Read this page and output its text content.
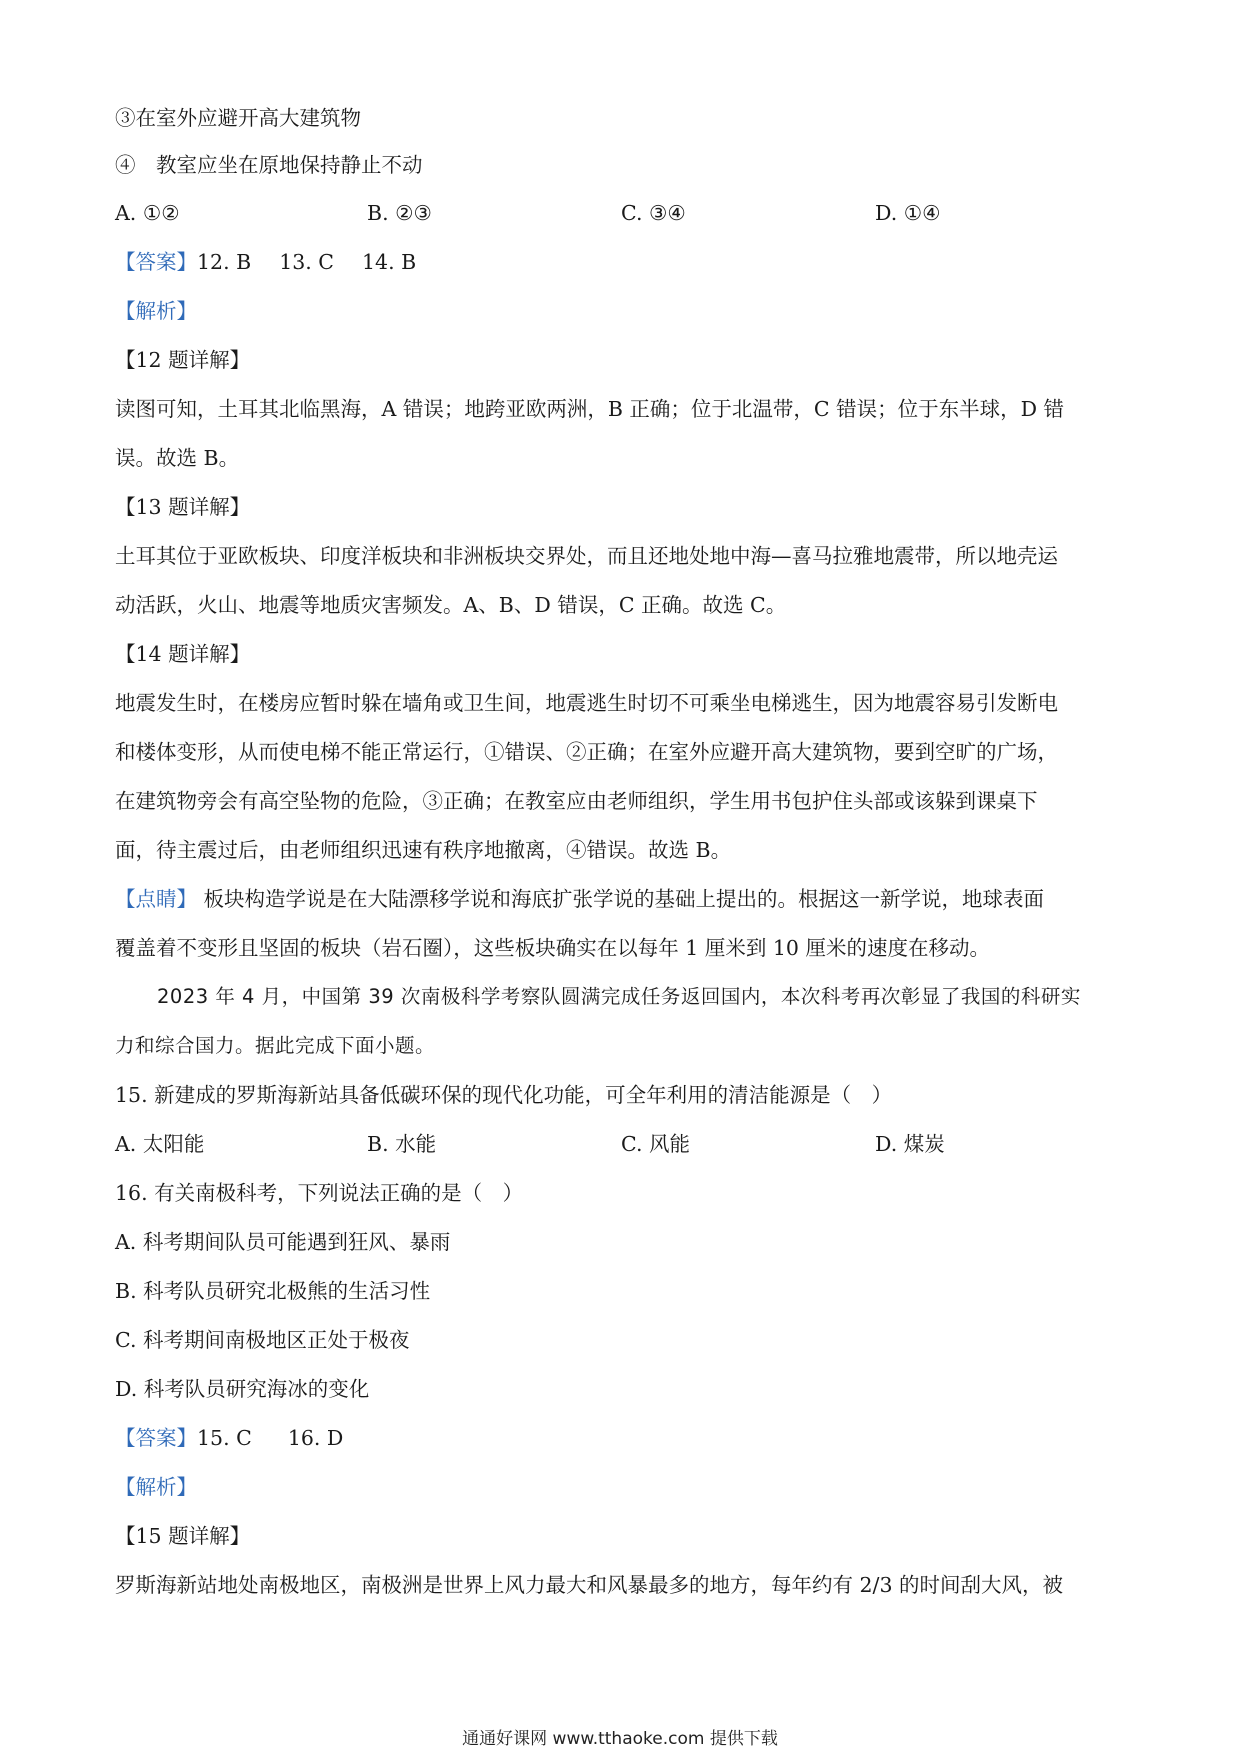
③在室外应避开高大建筑物

④　教室应坐在原地保持静止不动

A. ①②	B. ②③	C. ③④	D. ①④
【答案】12. B 13. C 14. B

【解析】

【12 题详解】

读图可知，土耳其北临黑海，A 错误；地跨亚欧两洲，B 正确；位于北温带，C 错误；位于东半球，D 错

误。故选 B。

【13 题详解】

土耳其位于亚欧板块、印度洋板块和非洲板块交界处，而且还地处地中海—喜马拉雅地震带，所以地壳运

动活跃，火山、地震等地质灾害频发。A、B、D 错误，C 正确。故选 C。

【14 题详解】

地震发生时，在楼房应暂时躲在墙角或卫生间，地震逃生时切不可乘坐电梯逃生，因为地震容易引发断电

和楼体变形，从而使电梯不能正常运行，①错误、②正确；在室外应避开高大建筑物，要到空旷的广场，

在建筑物旁会有高空坠物的危险，③正确；在教室应由老师组织，学生用书包护住头部或该躲到课桌下

面，待主震过后，由老师组织迅速有秩序地撤离，④错误。故选 B。

【点睛】 板块构造学说是在大陆漂移学说和海底扩张学说的基础上提出的。根据这一新学说，地球表面

覆盖着不变形且坚固的板块（岩石圈），这些板块确实在以每年 1 厘米到 10 厘米的速度在移动。

2023 年 4 月，中国第 39 次南极科学考察队圆满完成任务返回国内，本次科考再次彰显了我国的科研实

力和综合国力。据此完成下面小题。

15. 新建成的罗斯海新站具备低碳环保的现代化功能，可全年利用的清洁能源是（　）

A. 太阳能	B. 水能	C. 风能	D. 煤炭

16. 有关南极科考，下列说法正确的是（　）

A. 科考期间队员可能遇到狂风、暴雨

B. 科考队员研究北极熊的生活习性

C. 科考期间南极地区正处于极夜

D. 科考队员研究海冰的变化

【答案】15. C 16. D

【解析】

【15 题详解】

罗斯海新站地处南极地区，南极洲是世界上风力最大和风暴最多的地方，每年约有 2/3 的时间刮大风，被

通通好课网 www.tthaoke.com 提供下载
